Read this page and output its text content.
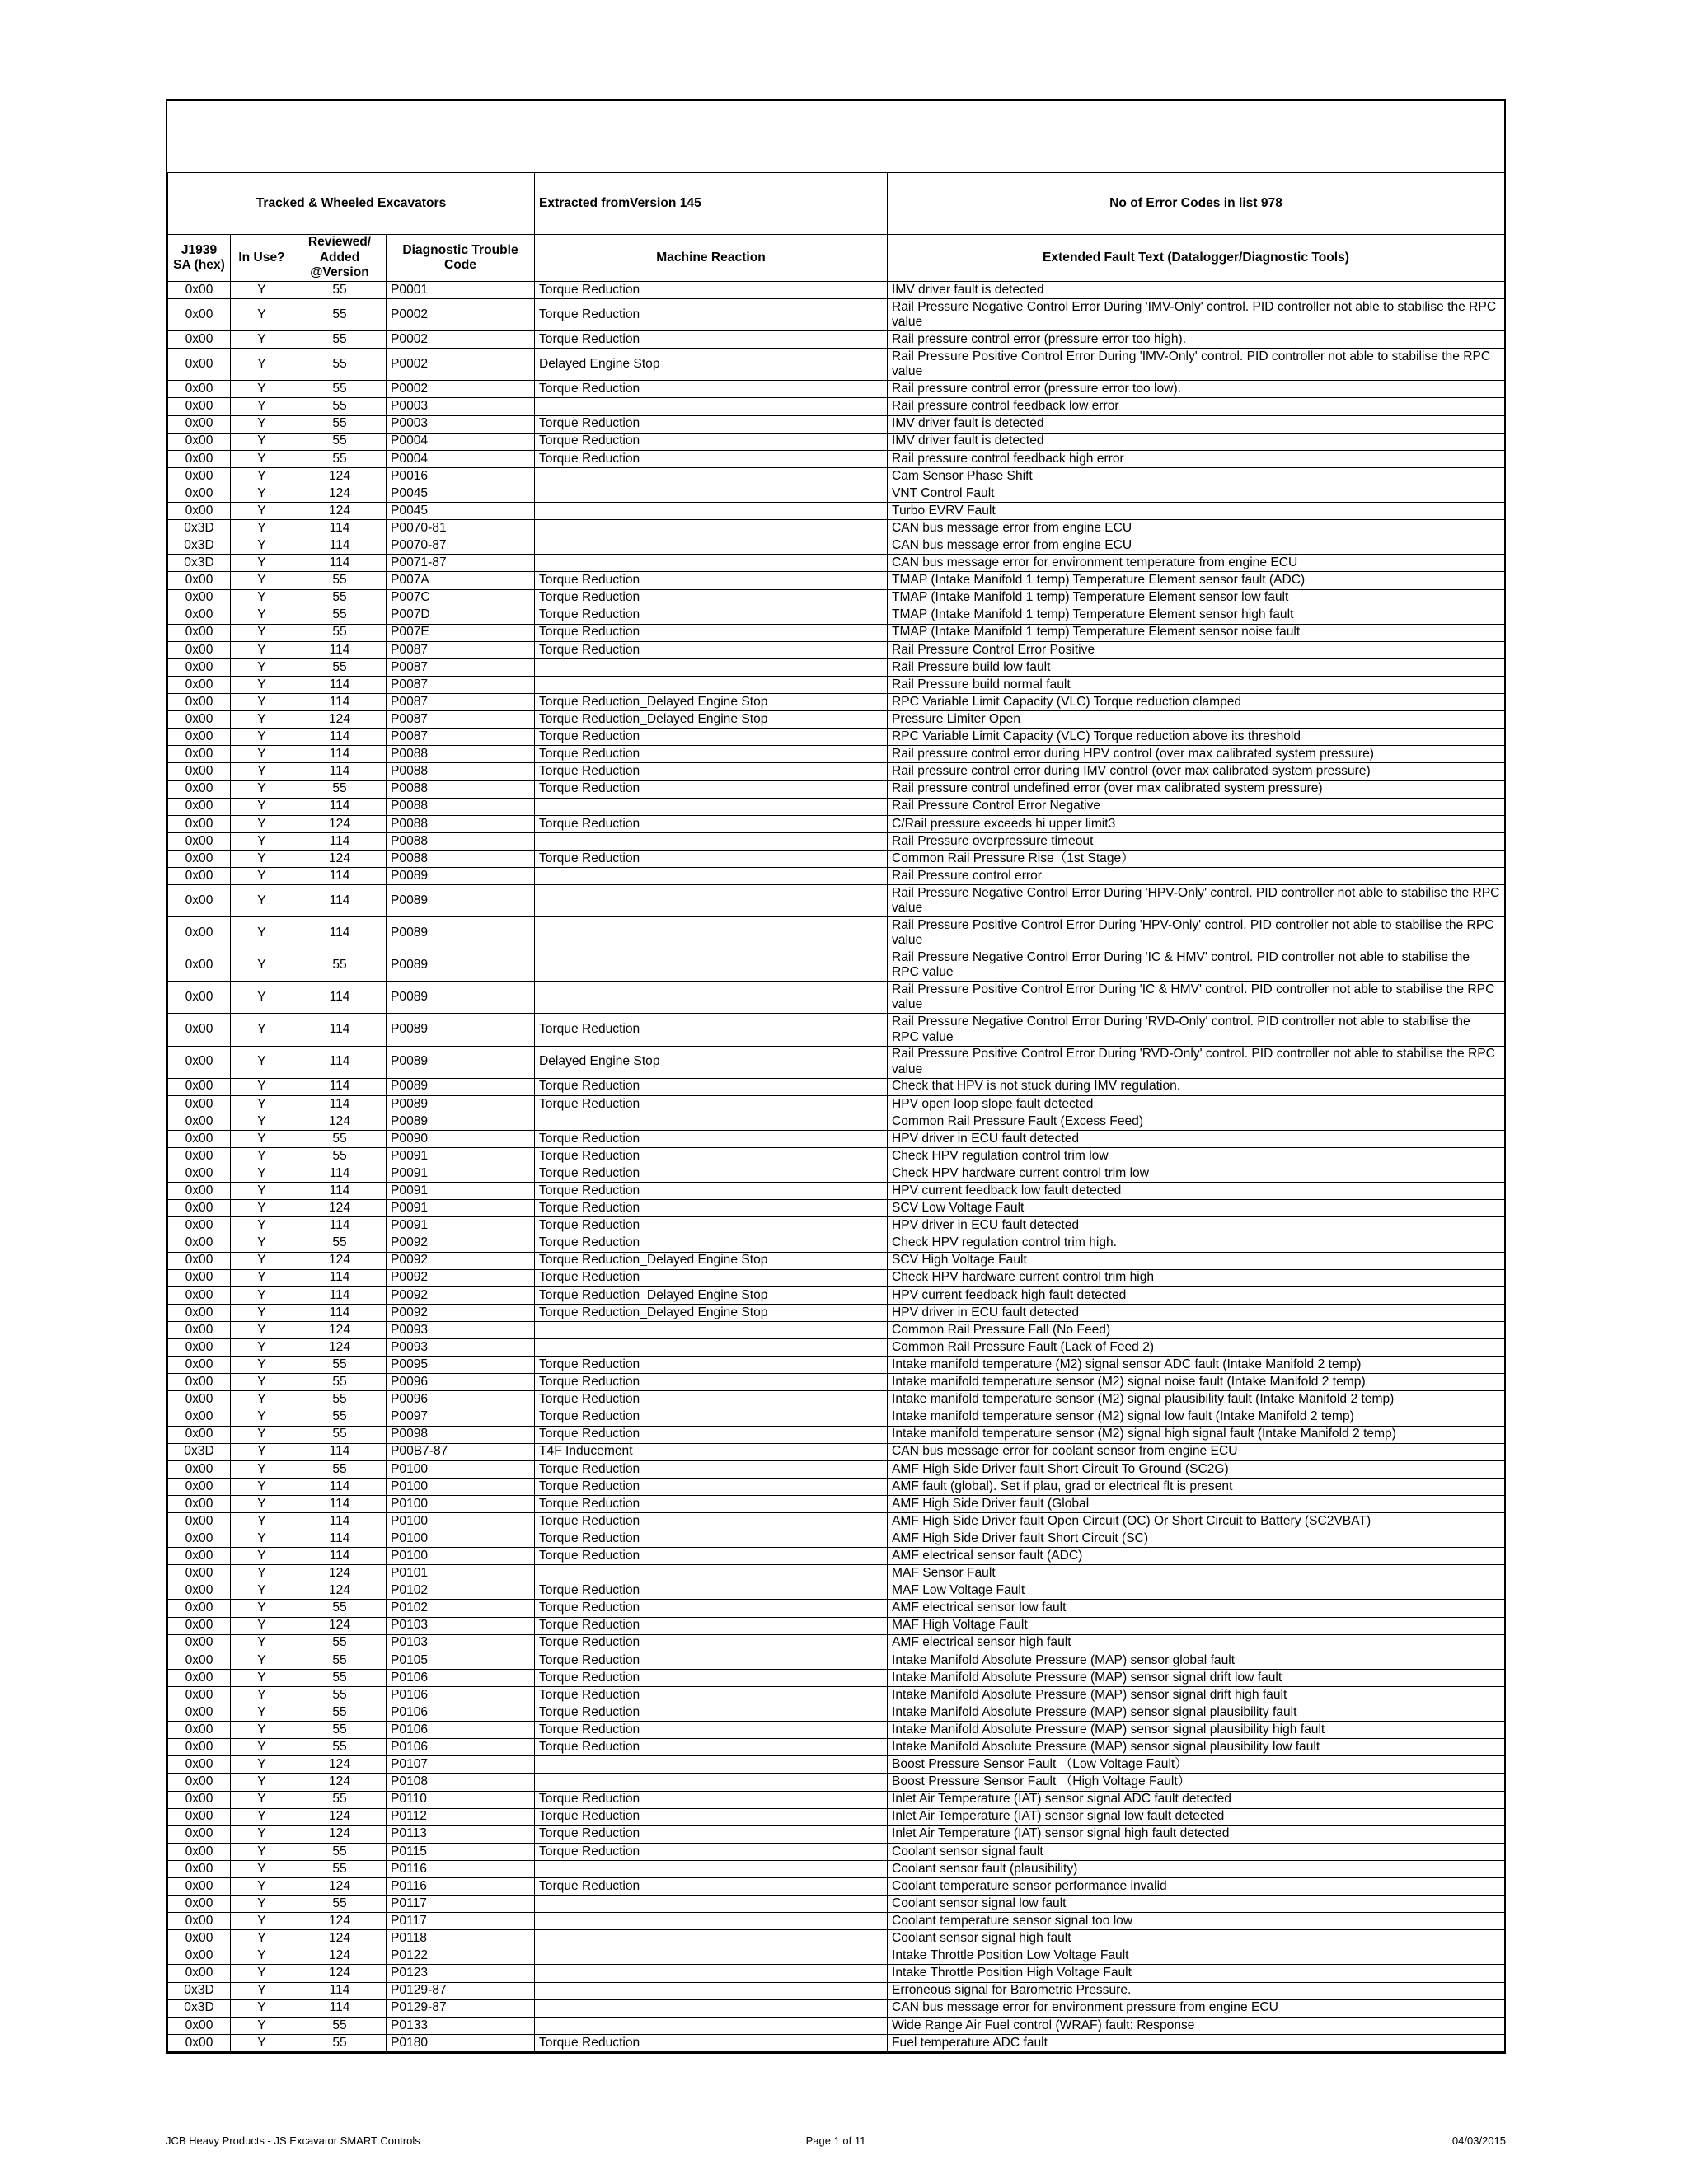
Tracked & Wheeled Excavators				Extracted fromVersion 145	No of Error Codes in list 978
J1939 SA (hex)	In Use?	Reviewed/ Added @Version	Diagnostic Trouble Code	Machine Reaction	Extended Fault Text (Datalogger/Diagnostic Tools)
0x00	Y	55	P0001	Torque Reduction	IMV driver fault is detected
0x00	Y	55	P0002	Torque Reduction	Rail Pressure Negative Control Error During 'IMV-Only' control. PID controller not able to stabilise the RPC value
0x00	Y	55	P0002	Torque Reduction	Rail pressure control error (pressure error too high).
0x00	Y	55	P0002	Delayed Engine Stop	Rail Pressure Positive Control Error During 'IMV-Only' control. PID controller not able to stabilise the RPC value
0x00	Y	55	P0002	Torque Reduction	Rail pressure control error (pressure error too low).
0x00	Y	55	P0003		Rail pressure control feedback low error
0x00	Y	55	P0003	Torque Reduction	IMV driver fault is detected
0x00	Y	55	P0004	Torque Reduction	IMV driver fault is detected
0x00	Y	55	P0004	Torque Reduction	Rail pressure control feedback high error
0x00	Y	124	P0016		Cam Sensor Phase Shift
0x00	Y	124	P0045		VNT Control Fault
0x00	Y	124	P0045		Turbo EVRV Fault
0x3D	Y	114	P0070-81		CAN bus message error from engine ECU
0x3D	Y	114	P0070-87		CAN bus message error from engine ECU
0x3D	Y	114	P0071-87		CAN bus message error for environment temperature from engine ECU
0x00	Y	55	P007A	Torque Reduction	TMAP (Intake Manifold 1 temp) Temperature Element sensor fault (ADC)
0x00	Y	55	P007C	Torque Reduction	TMAP (Intake Manifold 1 temp) Temperature Element sensor low fault
0x00	Y	55	P007D	Torque Reduction	TMAP (Intake Manifold 1 temp) Temperature Element sensor high fault
0x00	Y	55	P007E	Torque Reduction	TMAP (Intake Manifold 1 temp) Temperature Element sensor noise fault
0x00	Y	114	P0087	Torque Reduction	Rail Pressure Control Error Positive
0x00	Y	55	P0087		Rail Pressure build low fault
0x00	Y	114	P0087		Rail Pressure build normal fault
0x00	Y	114	P0087	Torque Reduction_Delayed Engine Stop	RPC Variable Limit Capacity (VLC) Torque reduction clamped
0x00	Y	124	P0087	Torque Reduction_Delayed Engine Stop	Pressure Limiter Open
0x00	Y	114	P0087	Torque Reduction	RPC Variable Limit Capacity (VLC) Torque reduction above its threshold
0x00	Y	114	P0088	Torque Reduction	Rail pressure control error during HPV control (over max calibrated system pressure)
0x00	Y	114	P0088	Torque Reduction	Rail pressure control error during IMV control (over max calibrated system pressure)
0x00	Y	55	P0088	Torque Reduction	Rail pressure control undefined error (over max calibrated system pressure)
0x00	Y	114	P0088		Rail Pressure Control Error Negative
0x00	Y	124	P0088	Torque Reduction	C/Rail pressure exceeds hi upper limit3
0x00	Y	114	P0088		Rail Pressure overpressure timeout
0x00	Y	124	P0088	Torque Reduction	Common Rail Pressure Rise（1st Stage）
0x00	Y	114	P0089		Rail Pressure control error
0x00	Y	114	P0089		Rail Pressure Negative Control Error During 'HPV-Only' control. PID controller not able to stabilise the RPC value
0x00	Y	114	P0089		Rail Pressure Positive Control Error During 'HPV-Only' control. PID controller not able to stabilise the RPC value
0x00	Y	55	P0089		Rail Pressure Negative Control Error During 'IC & HMV' control. PID controller not able to stabilise the RPC value
0x00	Y	114	P0089		Rail Pressure Positive Control Error During 'IC & HMV' control. PID controller not able to stabilise the RPC value
0x00	Y	114	P0089	Torque Reduction	Rail Pressure Negative Control Error During 'RVD-Only' control. PID controller not able to stabilise the RPC value
0x00	Y	114	P0089	Delayed Engine Stop	Rail Pressure Positive Control Error During 'RVD-Only' control. PID controller not able to stabilise the RPC value
0x00	Y	114	P0089	Torque Reduction	Check that HPV is not stuck during IMV regulation.
0x00	Y	114	P0089	Torque Reduction	HPV open loop slope fault detected
0x00	Y	124	P0089		Common Rail Pressure Fault (Excess Feed)
0x00	Y	55	P0090	Torque Reduction	HPV driver in ECU fault detected
0x00	Y	55	P0091	Torque Reduction	Check HPV regulation control trim low
0x00	Y	114	P0091	Torque Reduction	Check HPV hardware current control trim low
0x00	Y	114	P0091	Torque Reduction	HPV current feedback low fault detected
0x00	Y	124	P0091	Torque Reduction	SCV Low Voltage Fault
0x00	Y	114	P0091	Torque Reduction	HPV driver in ECU fault detected
0x00	Y	55	P0092	Torque Reduction	Check HPV regulation control trim high.
0x00	Y	124	P0092	Torque Reduction_Delayed Engine Stop	SCV High Voltage Fault
0x00	Y	114	P0092	Torque Reduction	Check HPV hardware current control trim high
0x00	Y	114	P0092	Torque Reduction_Delayed Engine Stop	HPV current feedback high fault detected
0x00	Y	114	P0092	Torque Reduction_Delayed Engine Stop	HPV driver in ECU fault detected
0x00	Y	124	P0093		Common Rail Pressure Fall (No Feed)
0x00	Y	124	P0093		Common Rail Pressure Fault (Lack of Feed 2)
0x00	Y	55	P0095	Torque Reduction	Intake manifold temperature (M2) signal sensor ADC fault (Intake Manifold 2 temp)
0x00	Y	55	P0096	Torque Reduction	Intake manifold temperature sensor (M2) signal noise fault (Intake Manifold 2 temp)
0x00	Y	55	P0096	Torque Reduction	Intake manifold temperature sensor (M2) signal plausibility fault (Intake Manifold 2 temp)
0x00	Y	55	P0097	Torque Reduction	Intake manifold temperature sensor (M2) signal low fault (Intake Manifold 2 temp)
0x00	Y	55	P0098	Torque Reduction	Intake manifold temperature sensor (M2) signal high signal fault (Intake Manifold 2 temp)
0x3D	Y	114	P00B7-87	T4F Inducement	CAN bus message error for coolant sensor from engine ECU
0x00	Y	55	P0100	Torque Reduction	AMF High Side Driver fault Short Circuit To Ground (SC2G)
0x00	Y	114	P0100	Torque Reduction	AMF fault (global). Set if plau, grad or electrical flt is present
0x00	Y	114	P0100	Torque Reduction	AMF High Side Driver fault (Global
0x00	Y	114	P0100	Torque Reduction	AMF High Side Driver fault Open Circuit (OC) Or Short Circuit to Battery (SC2VBAT)
0x00	Y	114	P0100	Torque Reduction	AMF High Side Driver fault Short Circuit (SC)
0x00	Y	114	P0100	Torque Reduction	AMF electrical sensor fault (ADC)
0x00	Y	124	P0101		MAF Sensor Fault
0x00	Y	124	P0102	Torque Reduction	MAF Low Voltage Fault
0x00	Y	55	P0102	Torque Reduction	AMF electrical sensor low fault
0x00	Y	124	P0103	Torque Reduction	MAF High Voltage Fault
0x00	Y	55	P0103	Torque Reduction	AMF electrical sensor high fault
0x00	Y	55	P0105	Torque Reduction	Intake Manifold Absolute Pressure (MAP) sensor global fault
0x00	Y	55	P0106	Torque Reduction	Intake Manifold Absolute Pressure (MAP) sensor signal drift low fault
0x00	Y	55	P0106	Torque Reduction	Intake Manifold Absolute Pressure (MAP) sensor signal drift high fault
0x00	Y	55	P0106	Torque Reduction	Intake Manifold Absolute Pressure (MAP) sensor signal plausibility fault
0x00	Y	55	P0106	Torque Reduction	Intake Manifold Absolute Pressure (MAP) sensor signal plausibility high fault
0x00	Y	55	P0106	Torque Reduction	Intake Manifold Absolute Pressure (MAP) sensor signal plausibility low fault
0x00	Y	124	P0107		Boost Pressure Sensor Fault （Low Voltage Fault）
0x00	Y	124	P0108		Boost Pressure Sensor Fault （High Voltage Fault）
0x00	Y	55	P0110	Torque Reduction	Inlet Air Temperature (IAT) sensor signal ADC fault detected
0x00	Y	124	P0112	Torque Reduction	Inlet Air Temperature (IAT) sensor signal low fault detected
0x00	Y	124	P0113	Torque Reduction	Inlet Air Temperature (IAT) sensor signal high fault detected
0x00	Y	55	P0115	Torque Reduction	Coolant sensor signal fault
0x00	Y	55	P0116		Coolant sensor fault (plausibility)
0x00	Y	124	P0116	Torque Reduction	Coolant temperature sensor performance invalid
0x00	Y	55	P0117		Coolant sensor signal low fault
0x00	Y	124	P0117		Coolant temperature sensor signal too low
0x00	Y	124	P0118		Coolant sensor signal high fault
0x00	Y	124	P0122		Intake Throttle Position Low Voltage Fault
0x00	Y	124	P0123		Intake Throttle Position High Voltage Fault
0x3D	Y	114	P0129-87		Erroneous signal for Barometric Pressure.
0x3D	Y	114	P0129-87		CAN bus message error for environment pressure from engine ECU
0x00	Y	55	P0133		Wide Range Air Fuel control (WRAF) fault: Response
0x00	Y	55	P0180	Torque Reduction	Fuel temperature ADC fault
JCB Heavy Products - JS Excavator SMART Controls	Page 1 of 11	04/03/2015
